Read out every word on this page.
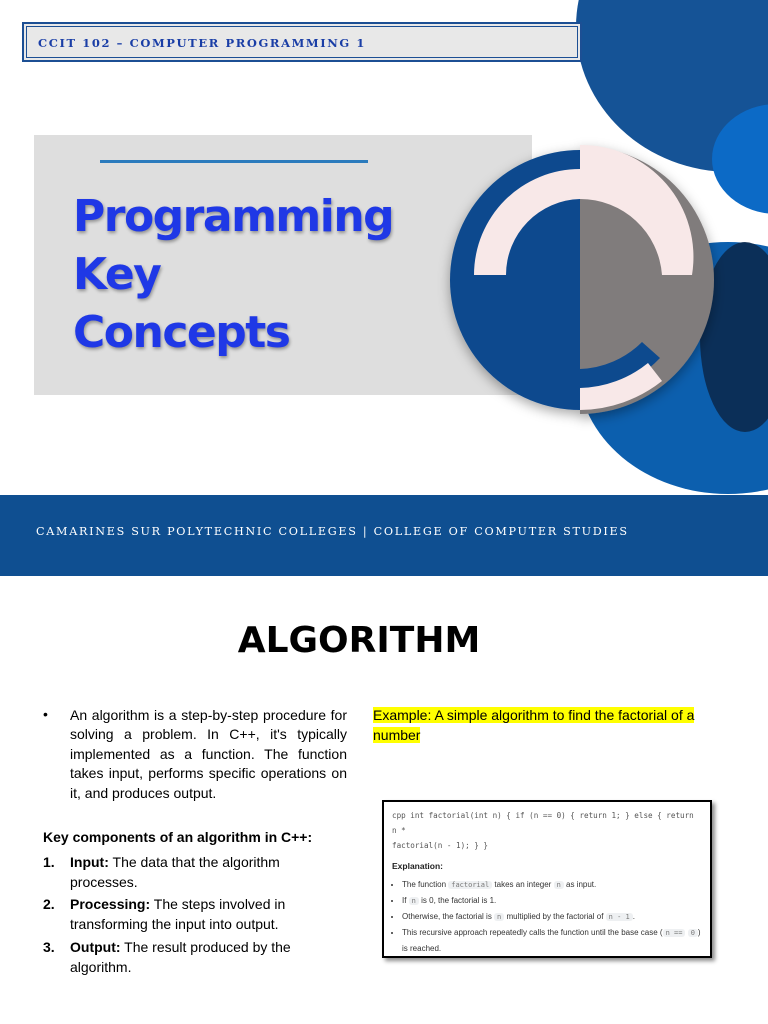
CCIT 102 – COMPUTER PROGRAMMING 1

Programming
Key
Concepts

CAMARINES SUR POLYTECHNIC COLLEGES | COLLEGE OF COMPUTER STUDIES

ALGORITHM
• An algorithm is a step-by-step procedure for solving a problem. In C++, it's typically implemented as a function. The function takes input, performs specific operations on it, and produces output.

Key components of an algorithm in C++:

1. Input: The data that the algorithm processes.
2. Processing: The steps involved in transforming the input into output.
3. Output: The result produced by the algorithm.

Example: A simple algorithm to find the factorial of a number

cpp int factorial(int n) { if (n == 0) { return 1; } else { return n *

factorial(n - 1); } }

Explanation:

• The function factorial takes an integer n as input.
• If n is 0, the factorial is 1.
• Otherwise, the factorial is n multiplied by the factorial of n - 1 .
• This recursive approach repeatedly calls the function until the base case ( n == 0 ) is reached.
